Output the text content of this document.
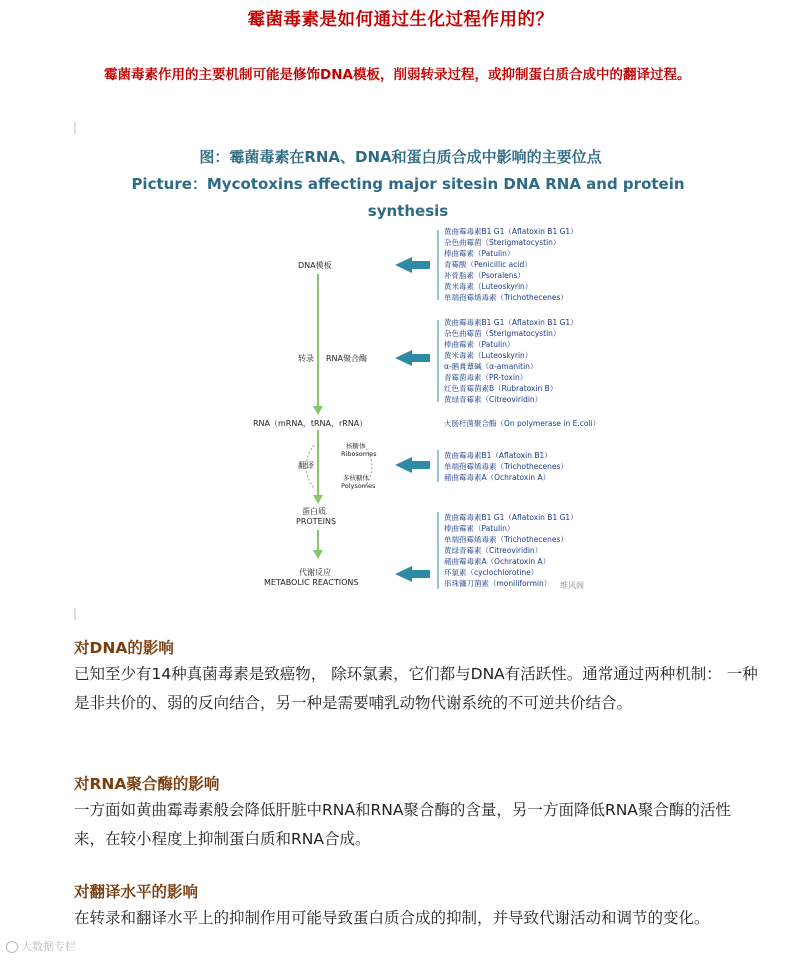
霉菌毒素是如何通过生化过程作用的？
霉菌毒素作用的主要机制可能是修饰DNA模板，削弱转录过程，或抑制蛋白质合成中的翻译过程。
图：霉菌毒素在RNA、DNA和蛋白质合成中影响的主要位点
Picture：Mycotoxins affecting major sitesin DNA RNA and protein synthesis
DNA模板
转录 RNA聚合酶
RNA（mRNA，tRNA，rRNA）
核糖体
Ribosomes
翻译
多核糖体
Polysomes
蛋白质
PROTEINS
代谢反应
METABOLIC REACTIONS
黄曲霉毒素B1 G1（Aflatoxin B1 G1）
杂色曲霉菌（Sterigmatocystin）
棒曲霉素（Patulin）
青霉酸（Penicillic acid）
补骨脂素（Psoralens）
黄米毒素（Luteoskyrin）
单端孢霉烯毒素（Trichothecenes）
黄曲霉毒素B1 G1（Aflatoxin B1 G1）
杂色曲霉菌（Sterigmatocystin）
棒曲霉素（Patulin）
黄米毒素（Luteoskyrin）
α-鹅膏蕈碱（α-amanitin）
青霉菌毒素（PR-toxin）
红色青霉菌素B（Rubratoxin B）
黄绿青霉素（Citreoviridin）
大肠杆菌聚合酶（On polymerase in E.coli）
黄曲霉毒素B1（Aflatoxin B1）
单端孢霉烯毒素（Trichothecenes）
赭曲霉毒素A（Ochratoxin A）
黄曲霉毒素B1 G1（Aflatoxin B1 G1）
棒曲霉素（Patulin）
单端孢霉烯毒素（Trichothecenes）
黄绿青霉素（Citreoviridin）
赭曲霉毒素A（Ochratoxin A）
环氯素（cyclochlorotine）
串珠镰刀菌素（moniliformin）	维风阁
对DNA的影响
已知至少有14种真菌毒素是致癌物， 除环氯素，它们都与DNA有活跃性。通常通过两种机制： 一种是非共价的、弱的反向结合，另一种是需要哺乳动物代谢系统的不可逆共价结合。
对RNA聚合酶的影响
一方面如黄曲霉毒素般会降低肝脏中RNA和RNA聚合酶的含量，另一方面降低RNA聚合酶的活性来，在较小程度上抑制蛋白质和RNA合成。
对翻译水平的影响
在转录和翻译水平上的抑制作用可能导致蛋白质合成的抑制，并导致代谢活动和调节的变化。
大数据专栏
